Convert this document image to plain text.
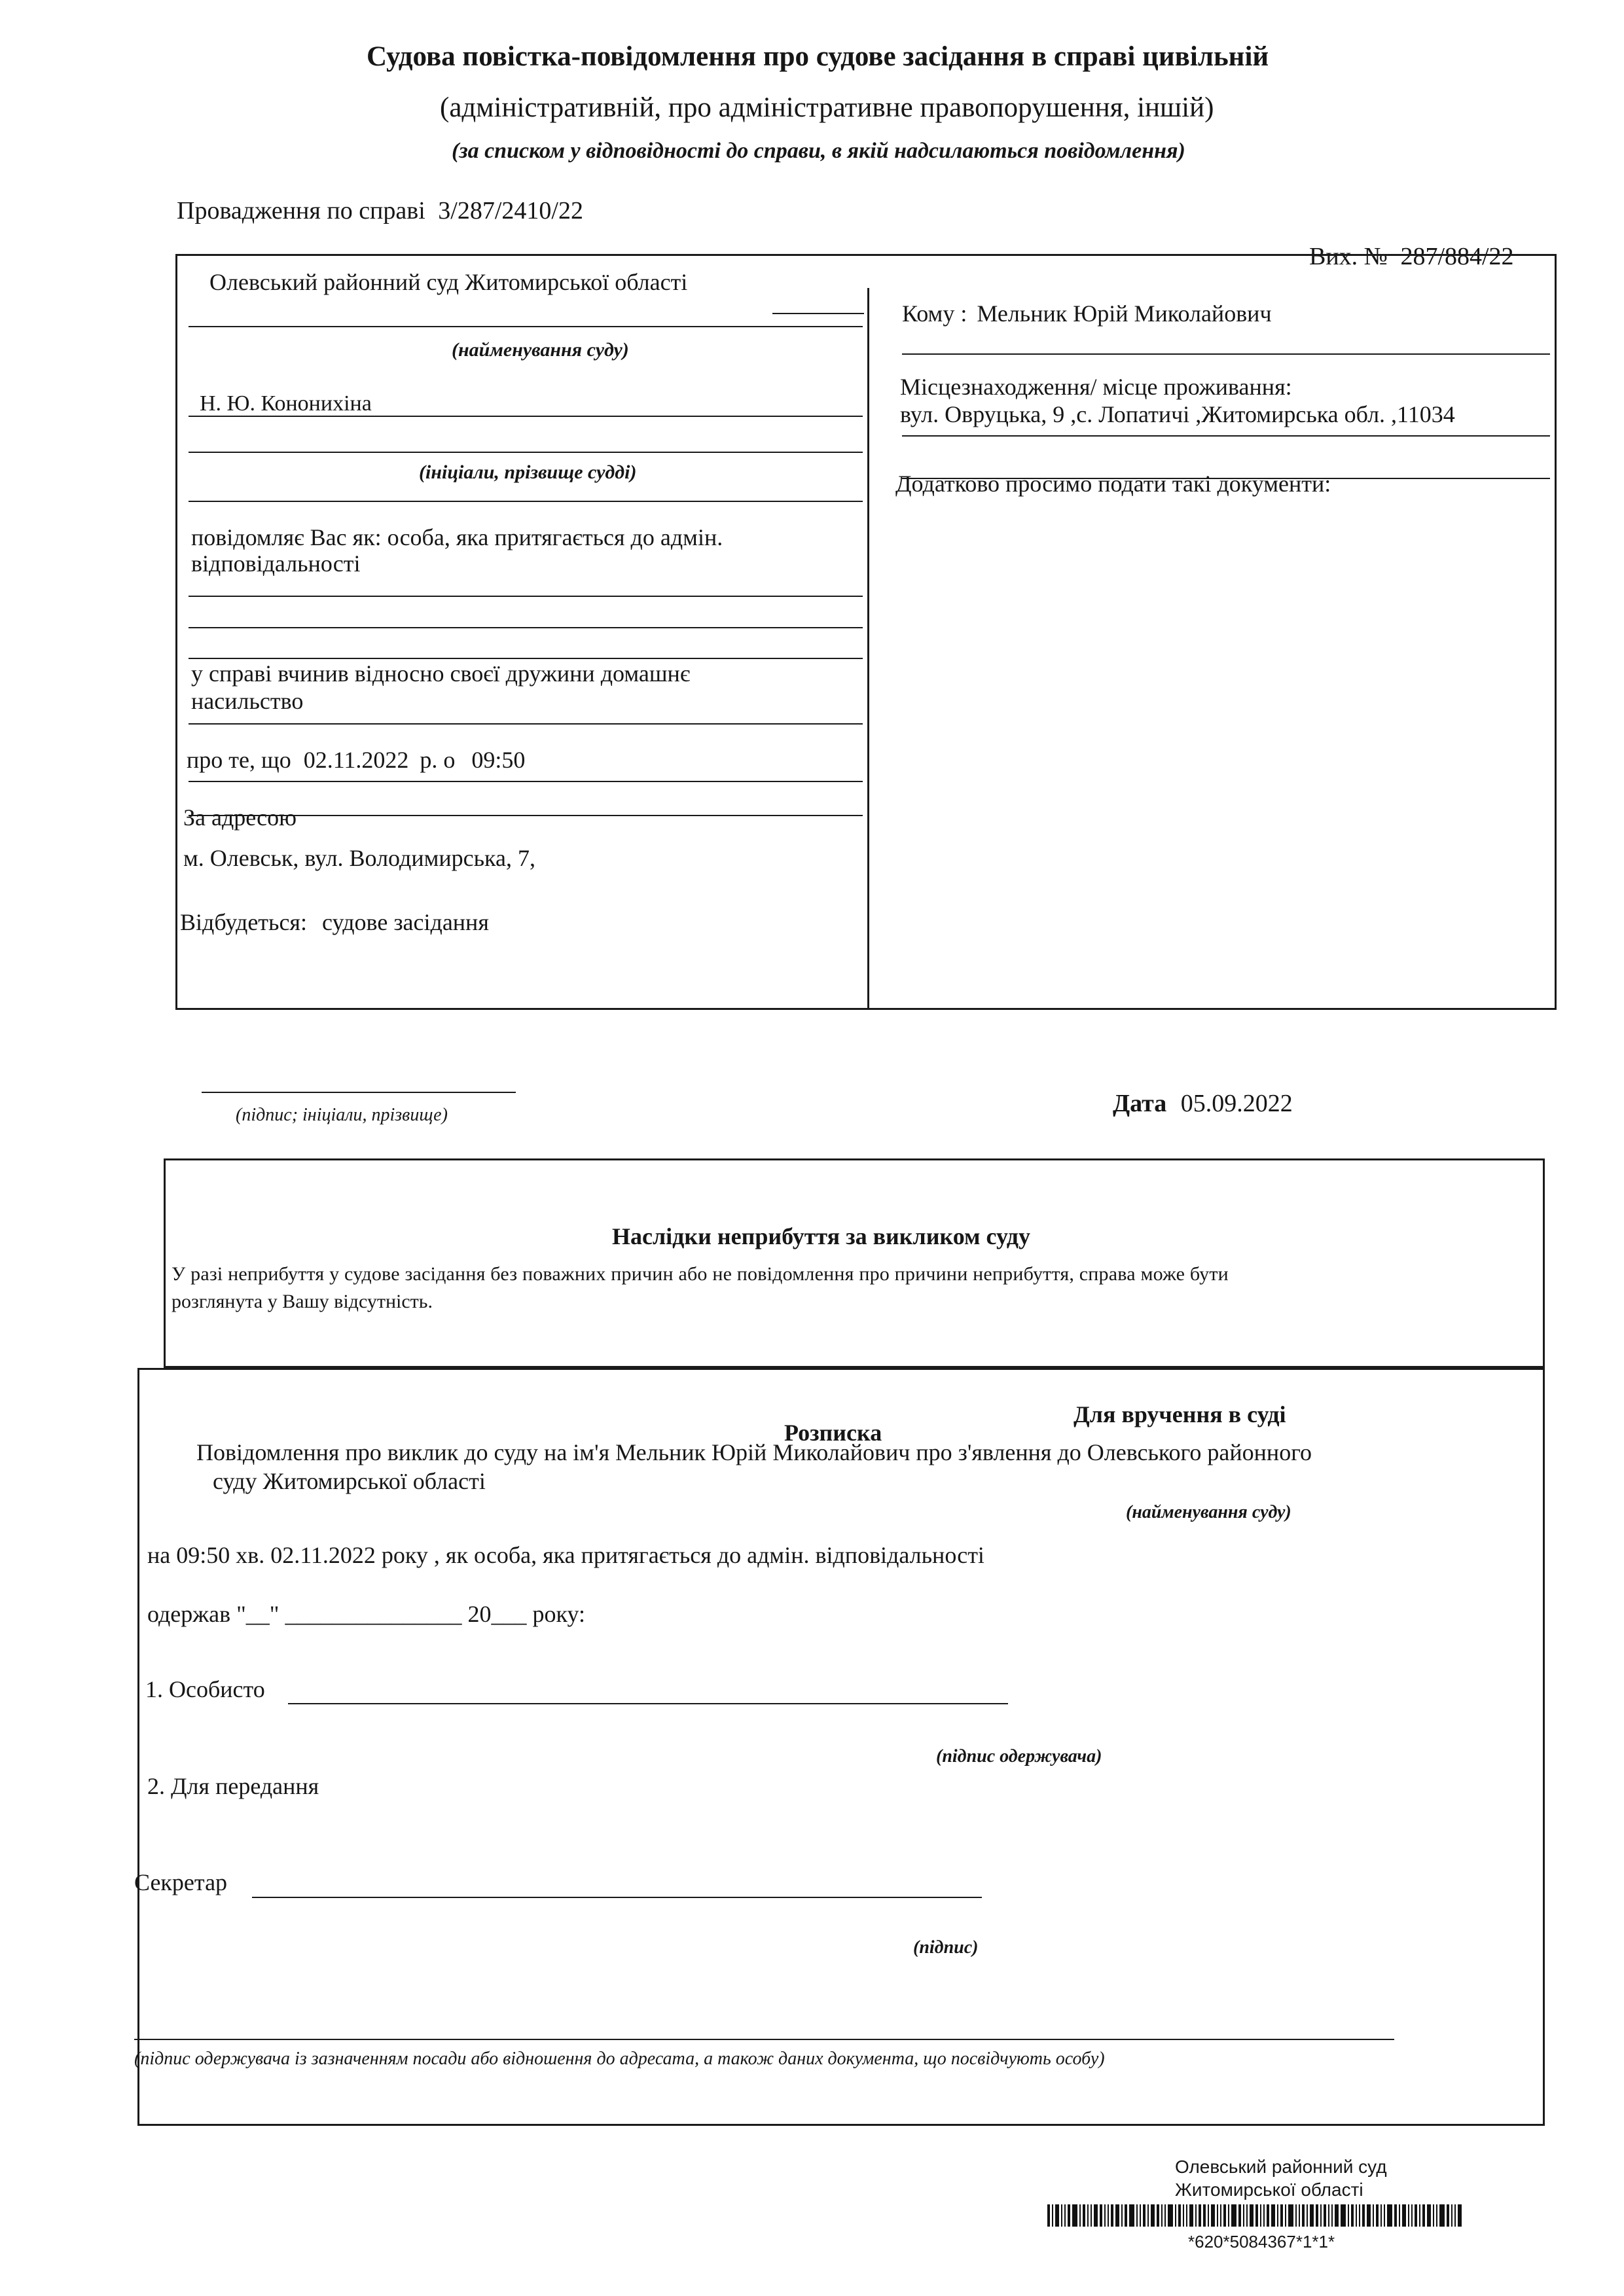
Судова повістка-повідомлення про судове засідання в справі цивільній
(адміністративній, про адміністративне правопорушення, іншій)
(за списком у відповідності до справи, в якій надсилаються повідомлення)
Провадження по справі 3/287/2410/22
Вих. № 287/884/22
Олевський районний суд Житомирської області
(найменування суду)
Н. Ю. Кононихіна
(ініціали, прізвище судді)
повідомляє Вас як: особа, яка притягається до адмін.
відповідальності
у справі вчинив відносно своєї дружини домашнє
насильство
про те, що 02.11.2022 р. о 09:50
За адресою
м. Олевськ, вул. Володимирська, 7,
Відбудеться: судове засідання
Кому : Мельник Юрій Миколайович
Місцезнаходження/ місце проживання:
вул. Овруцька, 9 ,с. Лопатичі ,Житомирська обл. ,11034
Додатково просимо подати такі документи:
(підпис; ініціали, прізвище)	Дата 05.09.2022
Наслідки неприбуття за викликом суду
У разі неприбуття у судове засідання без поважних причин або не повідомлення про причини неприбуття, справа може бути
розглянута у Вашу відсутність.
Для вручення в суді
Розписка
Повідомлення про виклик до суду на ім'я Мельник Юрій Миколайович про з'явлення до Олевського районного
суду Житомирської області
(найменування суду)
на 09:50 хв. 02.11.2022 року , як особа, яка притягається до адмін. відповідальності
одержав "__" _______________ 20___ року:
1. Особисто
(підпис одержувача)
2. Для передання
Секретар
(підпис)
(підпис одержувача із зазначенням посади або відношення до адресата, а також даних документа, що посвідчують особу)
Олевський районний суд
Житомирської області
*620*5084367*1*1*
